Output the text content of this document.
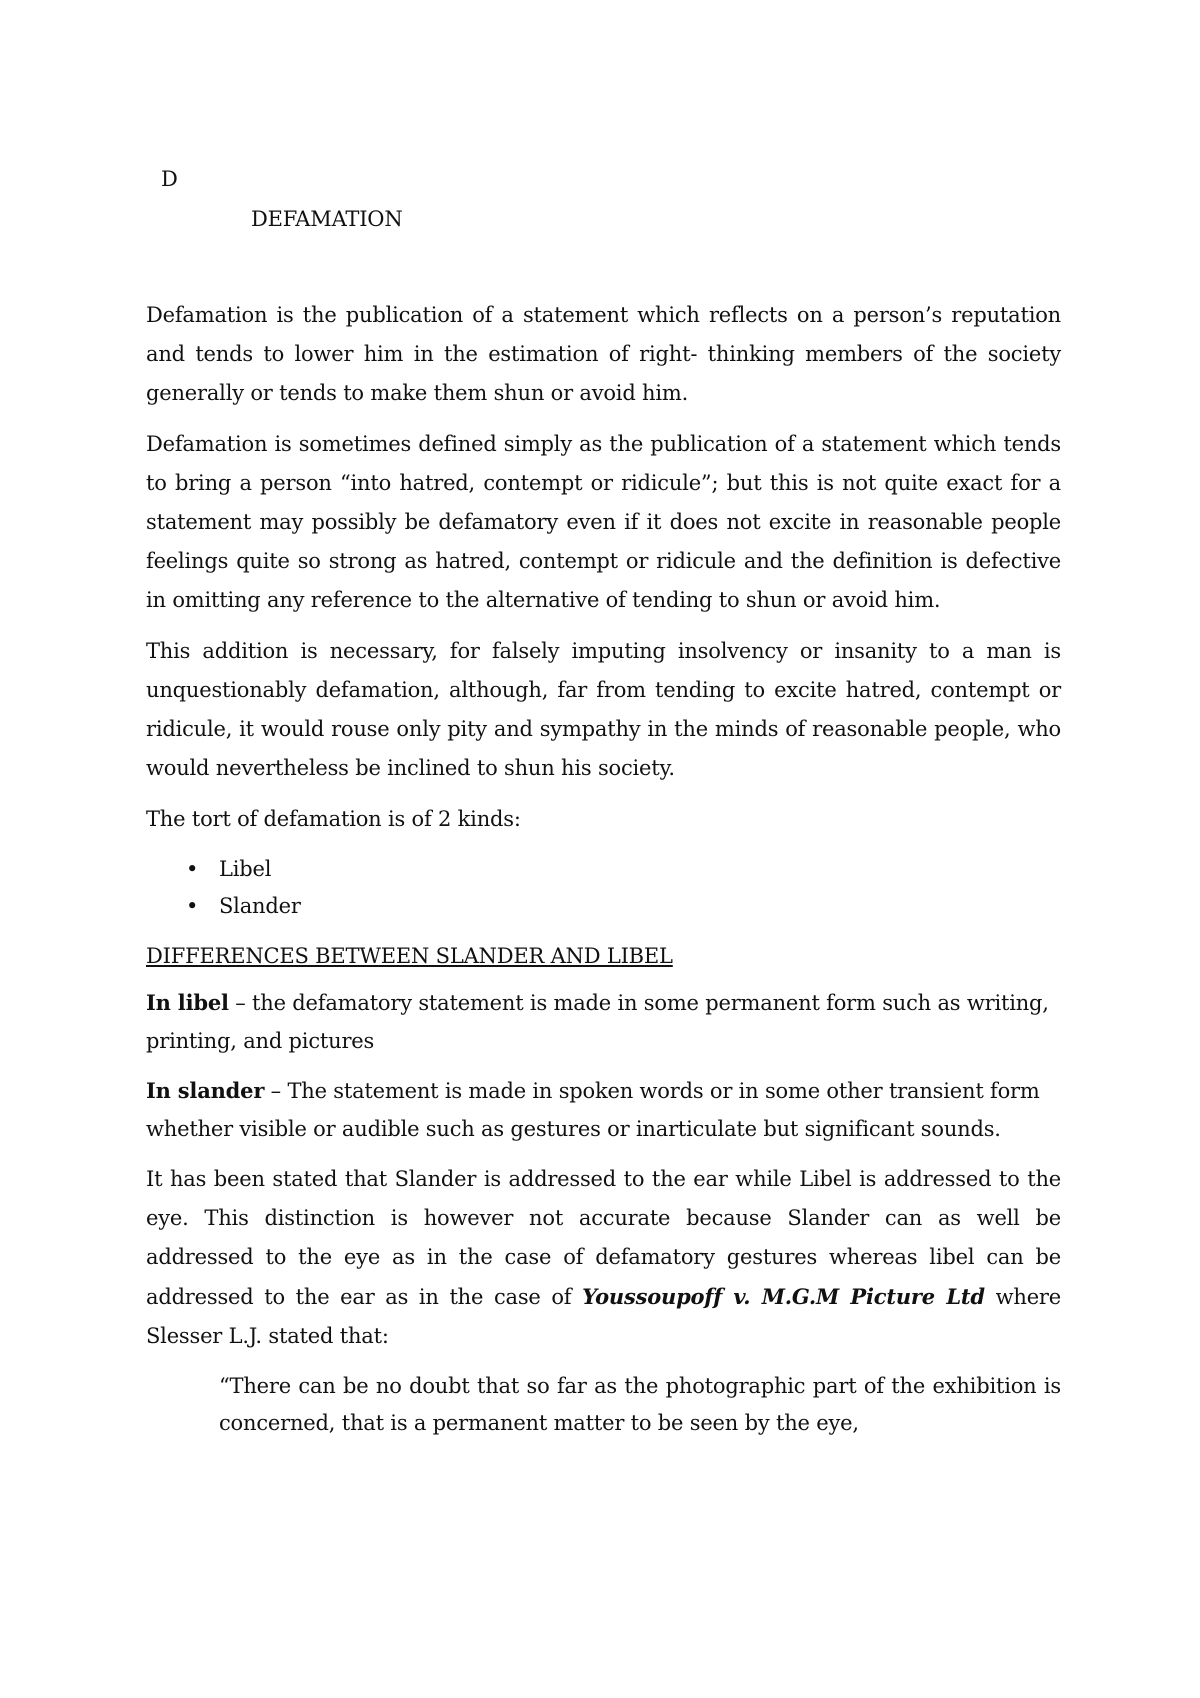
D
DEFAMATION

Defamation is the publication of a statement which reflects on a person’s reputation and tends to lower him in the estimation of right- thinking members of the society generally or tends to make them shun or avoid him.

Defamation is sometimes defined simply as the publication of a statement which tends to bring a person “into hatred, contempt or ridicule”; but this is not quite exact for a statement may possibly be defamatory even if it does not excite in reasonable people feelings quite so strong as hatred, contempt or ridicule and the definition is defective in omitting any reference to the alternative of tending to shun or avoid him.

This addition is necessary, for falsely imputing insolvency or insanity to a man is unquestionably defamation, although, far from tending to excite hatred, contempt or ridicule, it would rouse only pity and sympathy in the minds of reasonable people, who would nevertheless be inclined to shun his society.

The tort of defamation is of 2 kinds:

• Libel
• Slander
DIFFERENCES BETWEEN SLANDER AND LIBEL

In libel – the defamatory statement is made in some permanent form such as writing, printing, and pictures

In slander – The statement is made in spoken words or in some other transient form whether visible or audible such as gestures or inarticulate but significant sounds.

It has been stated that Slander is addressed to the ear while Libel is addressed to the eye. This distinction is however not accurate because Slander can as well be addressed to the eye as in the case of defamatory gestures whereas libel can be addressed to the ear as in the case of Youssoupoff v. M.G.M Picture Ltd where Slesser L.J. stated that:

“There can be no doubt that so far as the photographic part of the exhibition is concerned, that is a permanent matter to be seen by the eye,
